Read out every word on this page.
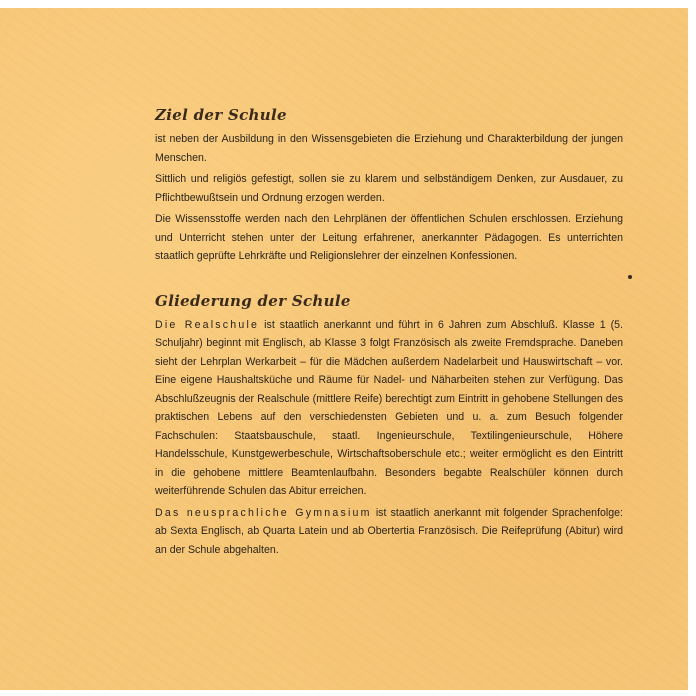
Ziel der Schule

ist neben der Ausbildung in den Wissensgebieten die Erziehung und Charakterbildung der jungen Menschen.

Sittlich und religiös gefestigt, sollen sie zu klarem und selbständigem Denken, zur Ausdauer, zu Pflichtbewußtsein und Ordnung erzogen werden.

Die Wissensstoffe werden nach den Lehrplänen der öffentlichen Schulen erschlossen. Erziehung und Unterricht stehen unter der Leitung erfahrener, anerkannter Pädagogen. Es unterrichten staatlich geprüfte Lehrkräfte und Religionslehrer der einzelnen Konfessionen.

Gliederung der Schule

Die Realschule ist staatlich anerkannt und führt in 6 Jahren zum Abschluß. Klasse 1 (5. Schuljahr) beginnt mit Englisch, ab Klasse 3 folgt Französisch als zweite Fremdsprache. Daneben sieht der Lehrplan Werkarbeit – für die Mädchen außerdem Nadelarbeit und Hauswirtschaft – vor. Eine eigene Haushaltsküche und Räume für Nadel- und Näharbeiten stehen zur Verfügung. Das Abschlußzeugnis der Realschule (mittlere Reife) berechtigt zum Eintritt in gehobene Stellungen des praktischen Lebens auf den verschiedensten Gebieten und u. a. zum Besuch folgender Fachschulen: Staatsbauschule, staatl. Ingenieurschule, Textilingenieurschule, Höhere Handelsschule, Kunstgewerbeschule, Wirtschaftsoberschule etc.; weiter ermöglicht es den Eintritt in die gehobene mittlere Beamtenlaufbahn. Besonders begabte Realschüler können durch weiterführende Schulen das Abitur erreichen.

Das neusprachliche Gymnasium ist staatlich anerkannt mit folgender Sprachenfolge: ab Sexta Englisch, ab Quarta Latein und ab Obertertia Französisch. Die Reifeprüfung (Abitur) wird an der Schule abgehalten.
